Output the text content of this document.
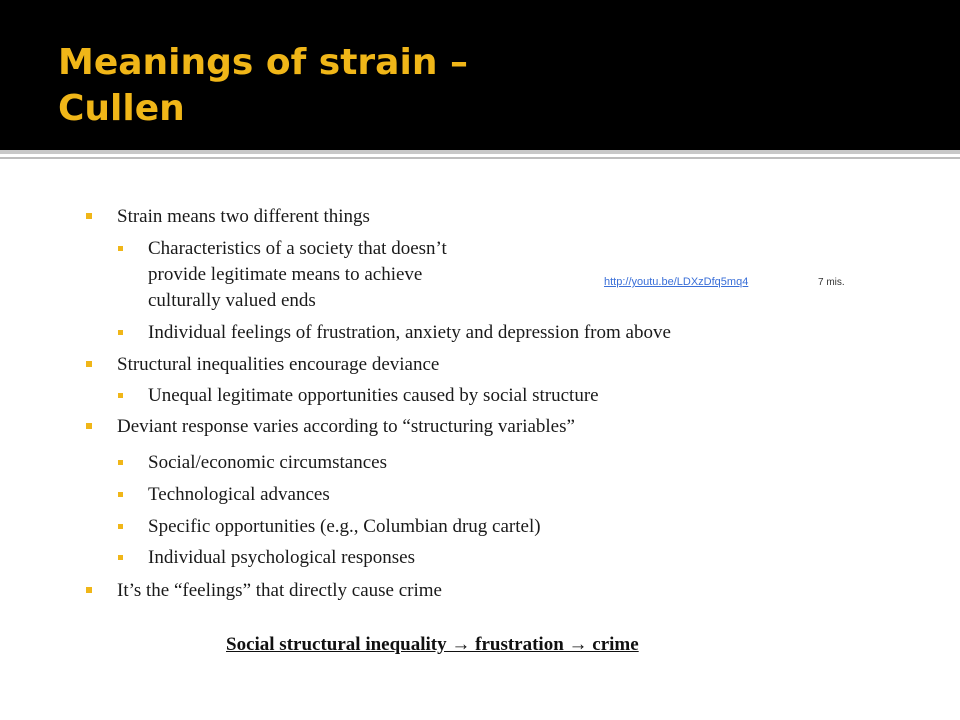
Meanings of strain –
Cullen

Strain means two different things

Characteristics of a society that doesn’t
provide legitimate means to achieve
culturally valued ends

http://youtu.be/LDXzDfq5mq4	7 mis.

Individual feelings of frustration, anxiety and depression from above

Structural inequalities encourage deviance

Unequal legitimate opportunities caused by social structure

Deviant response varies according to “structuring variables”

Social/economic circumstances

Technological advances

Specific opportunities (e.g., Columbian drug cartel)

Individual psychological responses

It’s the “feelings” that directly cause crime

Social structural inequality → frustration → crime
